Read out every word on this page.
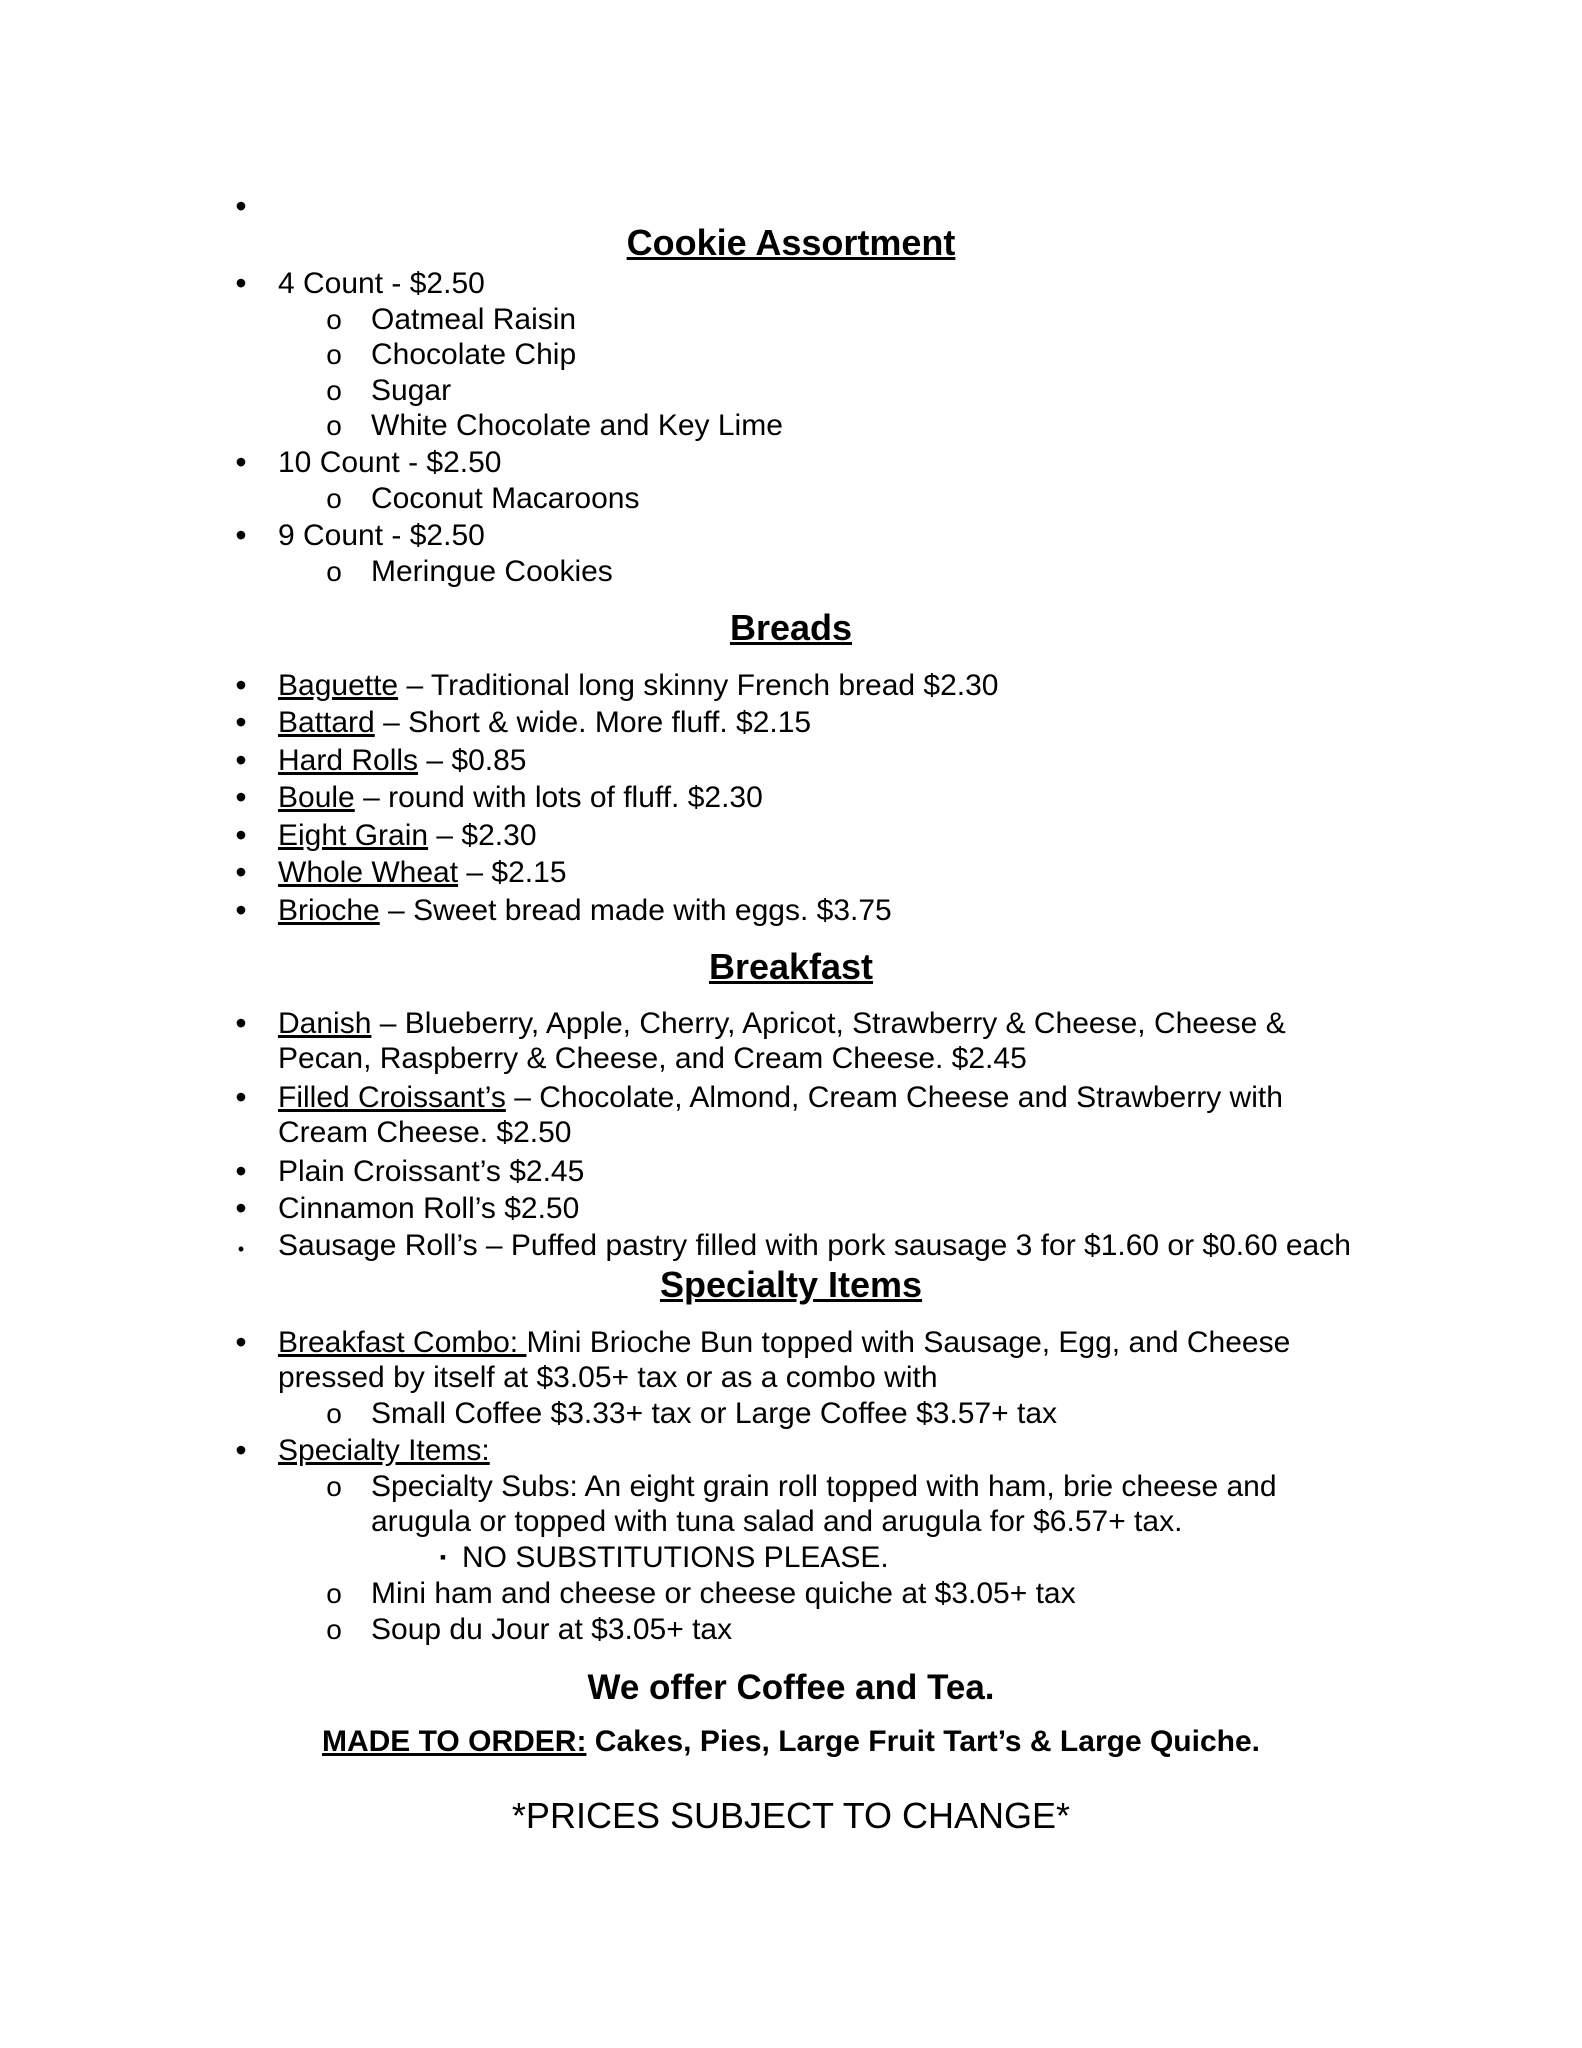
•
Cookie Assortment
•
4 Count - $2.50
o Oatmeal Raisin
o Chocolate Chip
o Sugar
o White Chocolate and Key Lime
•
10 Count - $2.50
o Coconut Macaroons
•
9 Count - $2.50
o Meringue Cookies
Breads
•
Baguette – Traditional long skinny French bread $2.30
•
Battard – Short & wide. More fluff. $2.15
•
Hard Rolls – $0.85
•
Boule – round with lots of fluff. $2.30
•
Eight Grain – $2.30
•
Whole Wheat – $2.15
•
Brioche – Sweet bread made with eggs. $3.75
Breakfast
•
Danish – Blueberry, Apple, Cherry, Apricot, Strawberry & Cheese, Cheese &
Pecan, Raspberry & Cheese, and Cream Cheese. $2.45
•
Filled Croissant’s – Chocolate, Almond, Cream Cheese and Strawberry with
Cream Cheese. $2.50
•
Plain Croissant’s $2.45
•
Cinnamon Roll’s $2.50
•
Sausage Roll’s – Puffed pastry filled with pork sausage 3 for $1.60 or $0.60 each
Specialty Items
•
Breakfast Combo: Mini Brioche Bun topped with Sausage, Egg, and Cheese
pressed by itself at $3.05+ tax or as a combo with
o Small Coffee $3.33+ tax or Large Coffee $3.57+ tax
•
Specialty Items:
o Specialty Subs: An eight grain roll topped with ham, brie cheese and
arugula or topped with tuna salad and arugula for $6.57+ tax.
▪ NO SUBSTITUTIONS PLEASE.
o Mini ham and cheese or cheese quiche at $3.05+ tax
o Soup du Jour at $3.05+ tax
We offer Coffee and Tea.
MADE TO ORDER: Cakes, Pies, Large Fruit Tart’s & Large Quiche.
*PRICES SUBJECT TO CHANGE*
